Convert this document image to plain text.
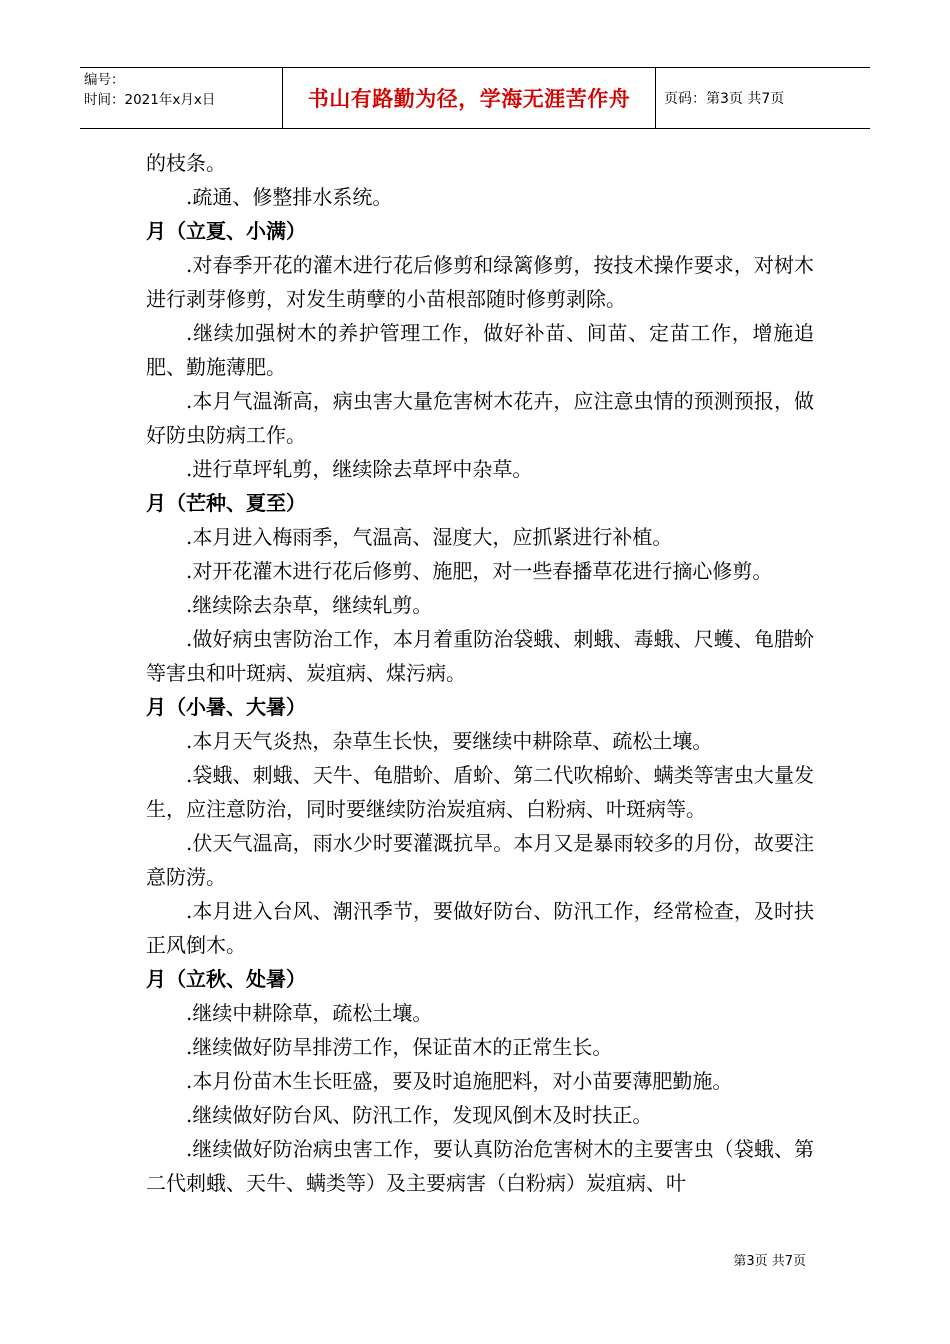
编号：
时间：2021年x月x日	书山有路勤为径，学海无涯苦作舟	页码：第3页 共7页

的枝条。

.疏通、修整排水系统。

月（立夏、小满）

.对春季开花的灌木进行花后修剪和绿篱修剪，按技术操作要求，对树木进行剥芽修剪，对发生萌孽的小苗根部随时修剪剥除。

.继续加强树木的养护管理工作，做好补苗、间苗、定苗工作，增施追肥、勤施薄肥。

.本月气温渐高，病虫害大量危害树木花卉，应注意虫情的预测预报，做好防虫防病工作。

.进行草坪轧剪，继续除去草坪中杂草。

月（芒种、夏至）

.本月进入梅雨季，气温高、湿度大，应抓紧进行补植。

.对开花灌木进行花后修剪、施肥，对一些春播草花进行摘心修剪。

.继续除去杂草，继续轧剪。

.做好病虫害防治工作，本月着重防治袋蛾、刺蛾、毒蛾、尺蠖、龟腊蚧等害虫和叶斑病、炭疽病、煤污病。

月（小暑、大暑）

.本月天气炎热，杂草生长快，要继续中耕除草、疏松土壤。

.袋蛾、刺蛾、天牛、龟腊蚧、盾蚧、第二代吹棉蚧、螨类等害虫大量发生，应注意防治，同时要继续防治炭疽病、白粉病、叶斑病等。

.伏天气温高，雨水少时要灌溉抗旱。本月又是暴雨较多的月份，故要注意防涝。

.本月进入台风、潮汛季节，要做好防台、防汛工作，经常检查，及时扶正风倒木。

月（立秋、处暑）

.继续中耕除草，疏松土壤。

.继续做好防旱排涝工作，保证苗木的正常生长。

.本月份苗木生长旺盛，要及时追施肥料，对小苗要薄肥勤施。

.继续做好防台风、防汛工作，发现风倒木及时扶正。

.继续做好防治病虫害工作，要认真防治危害树木的主要害虫（袋蛾、第二代刺蛾、天牛、螨类等）及主要病害（白粉病）炭疽病、叶

第3页 共7页
